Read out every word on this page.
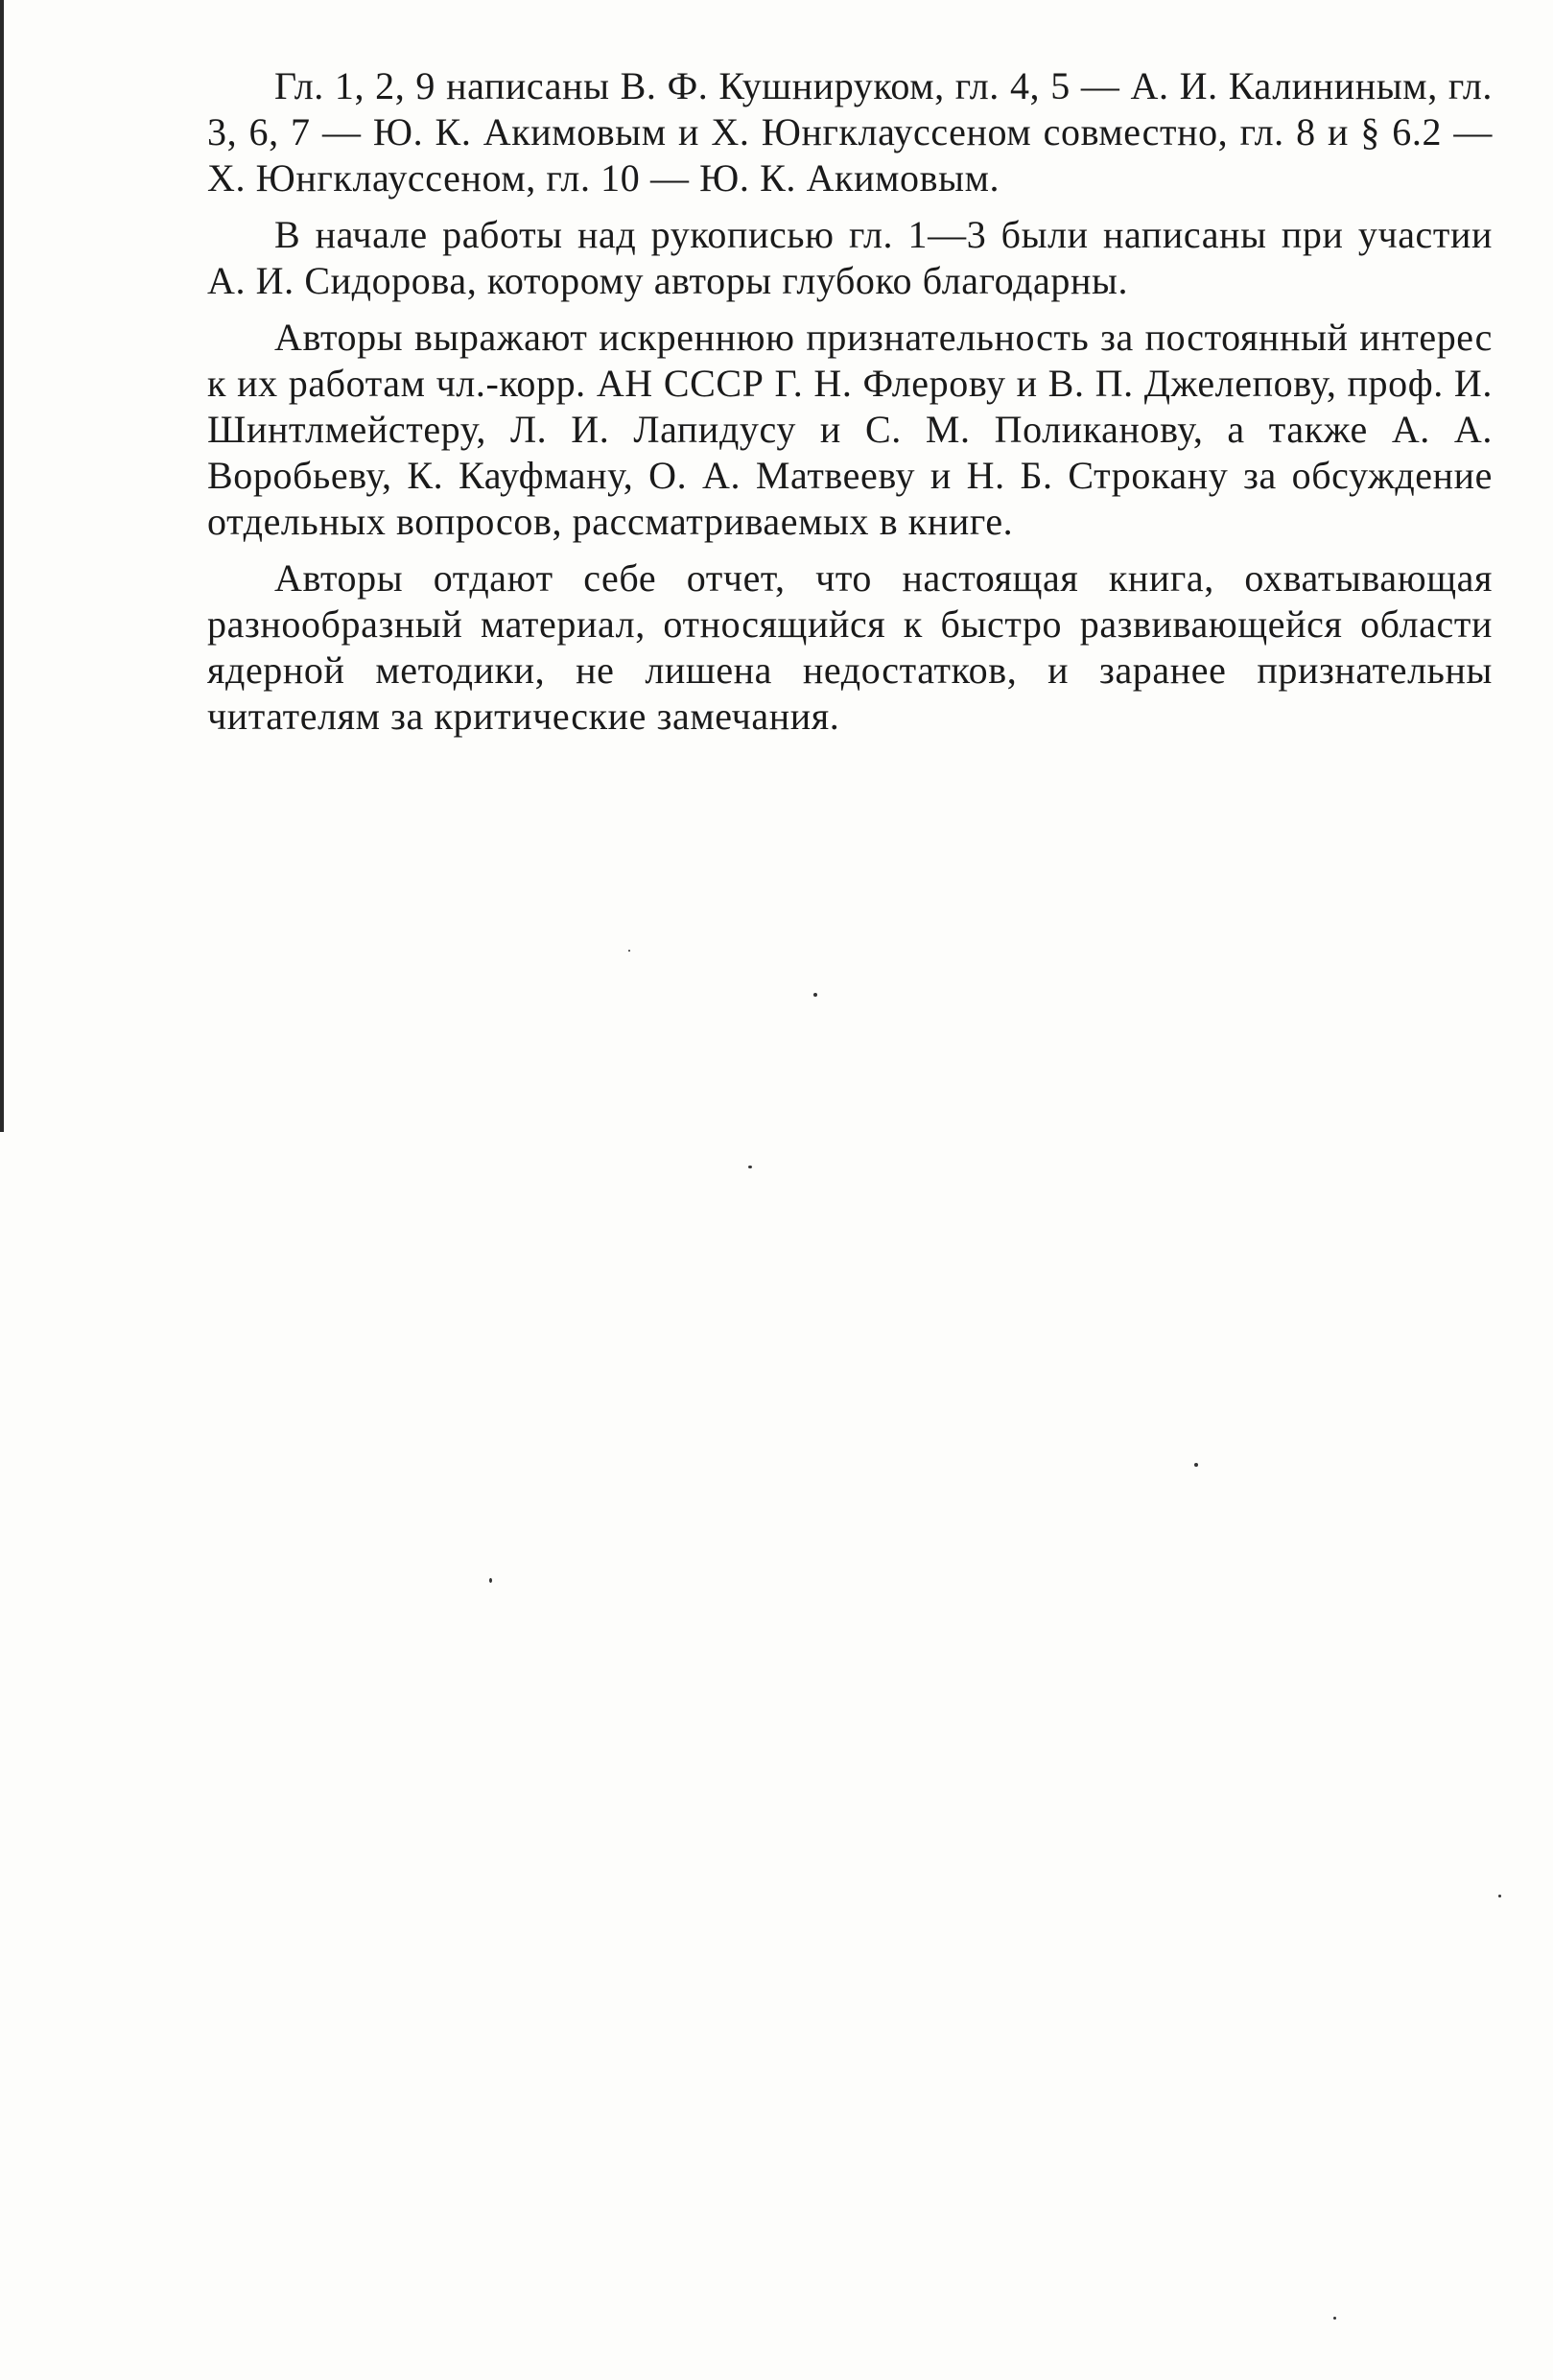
Гл. 1, 2, 9 написаны В. Ф. Кушнируком, гл. 4, 5 — А. И. Калининым, гл. 3, 6, 7 — Ю. К. Акимовым и Х. Юнгклауссеном совместно, гл. 8 и § 6.2 — Х. Юнгклауссеном, гл. 10 — Ю. К. Акимовым.

В начале работы над рукописью гл. 1—3 были написаны при участии А. И. Сидорова, которому авторы глубоко благодарны.

Авторы выражают искреннюю признательность за постоянный интерес к их работам чл.-корр. АН СССР Г. Н. Флерову и В. П. Джелепову, проф. И. Шинтлмейстеру, Л. И. Лапидусу и С. М. Поликанову, а также А. А. Воробьеву, К. Кауфману, О. А. Матвееву и Н. Б. Строкану за обсуждение отдельных вопросов, рассматриваемых в книге.

Авторы отдают себе отчет, что настоящая книга, охватывающая разнообразный материал, относящийся к быстро развивающейся области ядерной методики, не лишена недостатков, и заранее признательны читателям за критические замечания.
